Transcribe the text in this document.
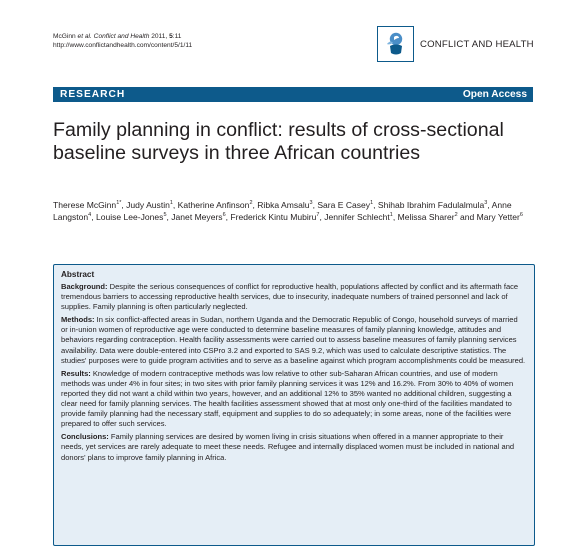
McGinn et al. Conflict and Health 2011, 5:11
http://www.conflictandhealth.com/content/5/1/11	CONFLICT AND HEALTH
RESEARCH	Open Access
Family planning in conflict: results of cross-sectional baseline surveys in three African countries
Therese McGinn$^{1*}$, Judy Austin$^1$, Katherine Anfinson$^2$, Ribka Amsalu$^3$, Sara E Casey$^1$, Shihab Ibrahim Fadulalmula$^3$, Anne Langston$^4$, Louise Lee-Jones$^5$, Janet Meyers$^6$, Frederick Kintu Mubiru$^7$, Jennifer Schlecht$^1$, Melissa Sharer$^2$ and Mary Yetter$^6$
Abstract

Background: Despite the serious consequences of conflict for reproductive health, populations affected by conflict and its aftermath face tremendous barriers to accessing reproductive health services, due to insecurity, inadequate numbers of trained personnel and lack of supplies. Family planning is often particularly neglected.

Methods: In six conflict-affected areas in Sudan, northern Uganda and the Democratic Republic of Congo, household surveys of married or in-union women of reproductive age were conducted to determine baseline measures of family planning knowledge, attitudes and behaviors regarding contraception. Health facility assessments were carried out to assess baseline measures of family planning services availability. Data were double-entered into CSPro 3.2 and exported to SAS 9.2, which was used to calculate descriptive statistics. The studies' purposes were to guide program activities and to serve as a baseline against which program accomplishments could be measured.

Results: Knowledge of modern contraceptive methods was low relative to other sub-Saharan African countries, and use of modern methods was under 4% in four sites; in two sites with prior family planning services it was 12% and 16.2%. From 30% to 40% of women reported they did not want a child within two years, however, and an additional 12% to 35% wanted no additional children, suggesting a clear need for family planning services. The health facilities assessment showed that at most only one-third of the facilities mandated to provide family planning had the necessary staff, equipment and supplies to do so adequately; in some areas, none of the facilities were prepared to offer such services.

Conclusions: Family planning services are desired by women living in crisis situations when offered in a manner appropriate to their needs, yet services are rarely adequate to meet these needs. Refugee and internally displaced women must be included in national and donors' plans to improve family planning in Africa.
